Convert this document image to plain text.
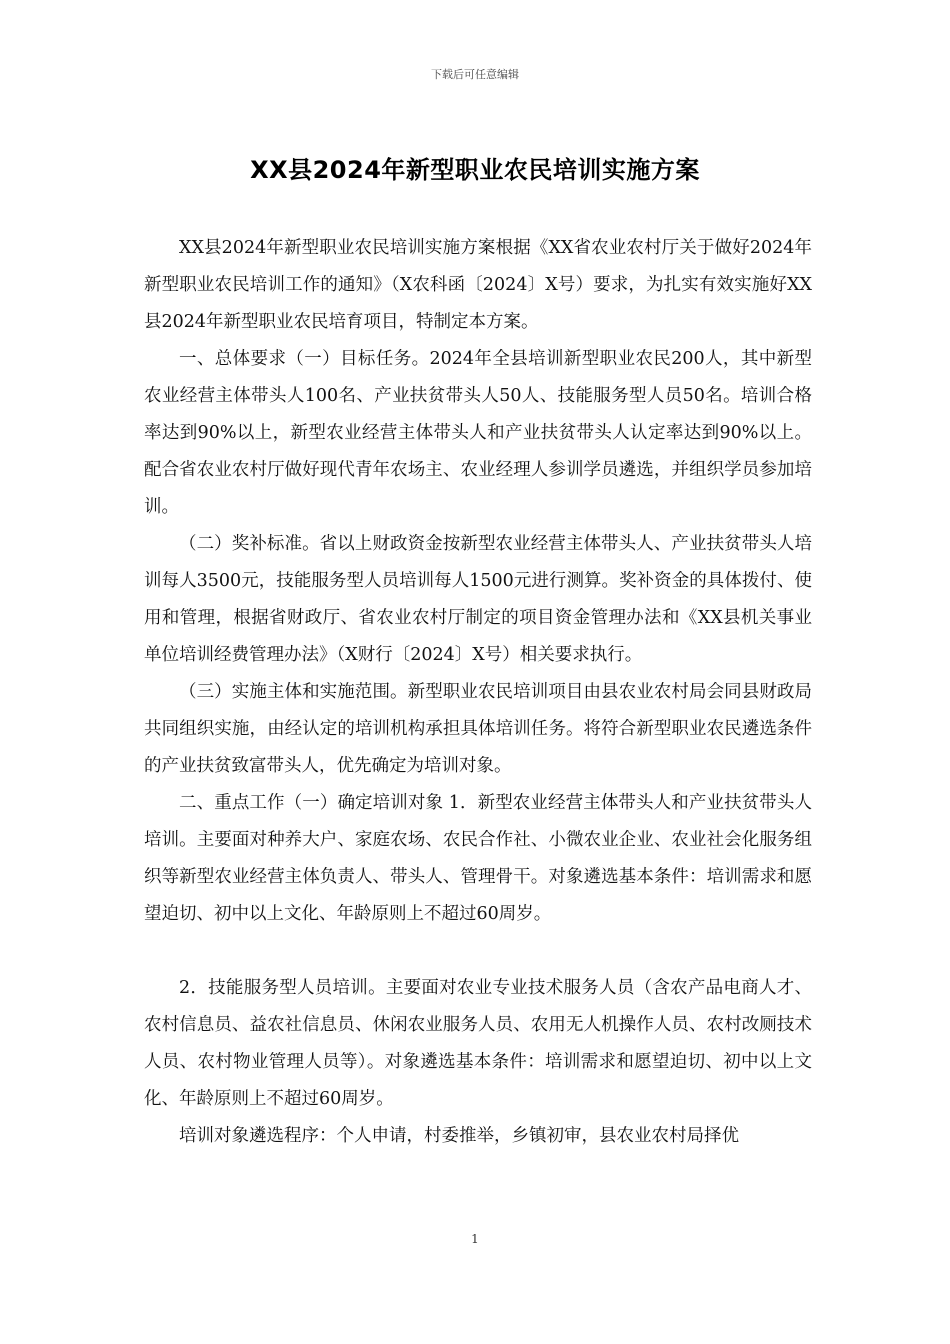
下载后可任意编辑
XX县2024年新型职业农民培训实施方案

XX县2024年新型职业农民培训实施方案根据《XX省农业农村厅关于做好2024年新型职业农民培训工作的通知》（X农科函〔2024〕X号）要求，为扎实有效实施好XX县2024年新型职业农民培育项目，特制定本方案。

一、总体要求（一）目标任务。2024年全县培训新型职业农民200人，其中新型农业经营主体带头人100名、产业扶贫带头人50人、技能服务型人员50名。培训合格率达到90%以上，新型农业经营主体带头人和产业扶贫带头人认定率达到90%以上。配合省农业农村厅做好现代青年农场主、农业经理人参训学员遴选，并组织学员参加培训。

（二）奖补标准。省以上财政资金按新型农业经营主体带头人、产业扶贫带头人培训每人3500元，技能服务型人员培训每人1500元进行测算。奖补资金的具体拨付、使用和管理，根据省财政厅、省农业农村厅制定的项目资金管理办法和《XX县机关事业单位培训经费管理办法》（X财行〔2024〕X号）相关要求执行。

（三）实施主体和实施范围。新型职业农民培训项目由县农业农村局会同县财政局共同组织实施，由经认定的培训机构承担具体培训任务。将符合新型职业农民遴选条件的产业扶贫致富带头人，优先确定为培训对象。

二、重点工作（一）确定培训对象 1．新型农业经营主体带头人和产业扶贫带头人培训。主要面对种养大户、家庭农场、农民合作社、小微农业企业、农业社会化服务组织等新型农业经营主体负责人、带头人、管理骨干。对象遴选基本条件：培训需求和愿望迫切、初中以上文化、年龄原则上不超过60周岁。

2．技能服务型人员培训。主要面对农业专业技术服务人员（含农产品电商人才、农村信息员、益农社信息员、休闲农业服务人员、农用无人机操作人员、农村改厕技术人员、农村物业管理人员等）。对象遴选基本条件：培训需求和愿望迫切、初中以上文化、年龄原则上不超过60周岁。

培训对象遴选程序：个人申请，村委推举，乡镇初审，县农业农村局择优

1
